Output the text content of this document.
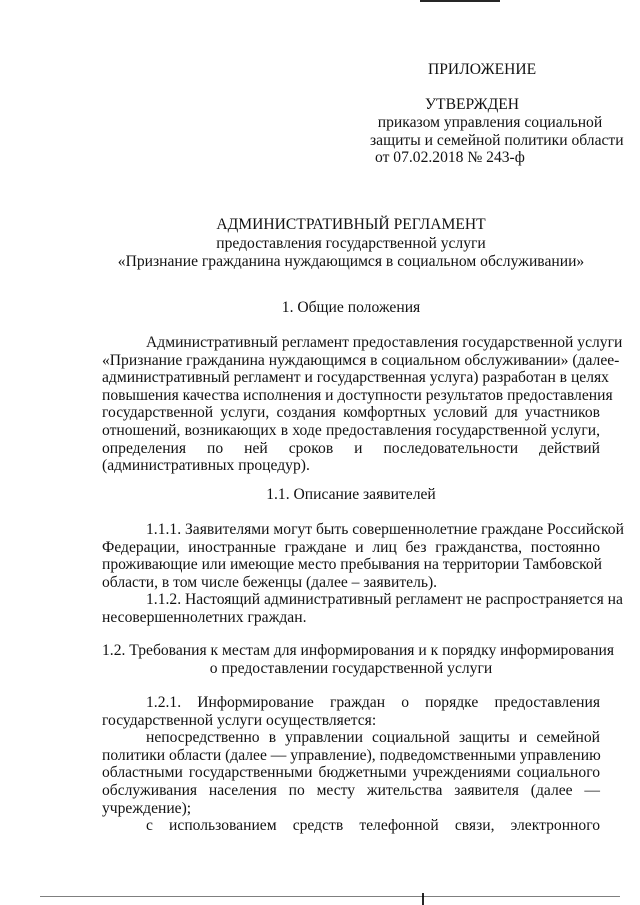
ПРИЛОЖЕНИЕ
УТВЕРЖДЕН
приказом управления социальной
защиты и семейной политики области
от 07.02.2018 № 243-ф
АДМИНИСТРАТИВНЫЙ РЕГЛАМЕНТ
предоставления государственной услуги
«Признание гражданина нуждающимся в социальном обслуживании»
1. Общие положения
Административный регламент предоставления государственной услуги
«Признание гражданина нуждающимся в социальном обслуживании» (далее-
административный регламент и государственная услуга) разработан в целях
повышения качества исполнения и доступности результатов предоставления
государственной услуги, создания комфортных условий для участников
отношений, возникающих в ходе предоставления государственной услуги,
определения по ней сроков и последовательности действий
(административных процедур).
1.1. Описание заявителей
1.1.1. Заявителями могут быть совершеннолетние граждане Российской
Федерации, иностранные граждане и лиц без гражданства, постоянно
проживающие или имеющие место пребывания на территории Тамбовской
области, в том числе беженцы (далее – заявитель).
1.1.2. Настоящий административный регламент не распространяется на
несовершеннолетних граждан.
1.2. Требования к местам для информирования и к порядку информирования
о предоставлении государственной услуги
1.2.1. Информирование граждан о порядке предоставления
государственной услуги осуществляется:
непосредственно в управлении социальной защиты и семейной
политики области (далее — управление), подведомственными управлению
областными государственными бюджетными учреждениями социального
обслуживания населения по месту жительства заявителя (далее —
учреждение);
с использованием средств телефонной связи, электронного
